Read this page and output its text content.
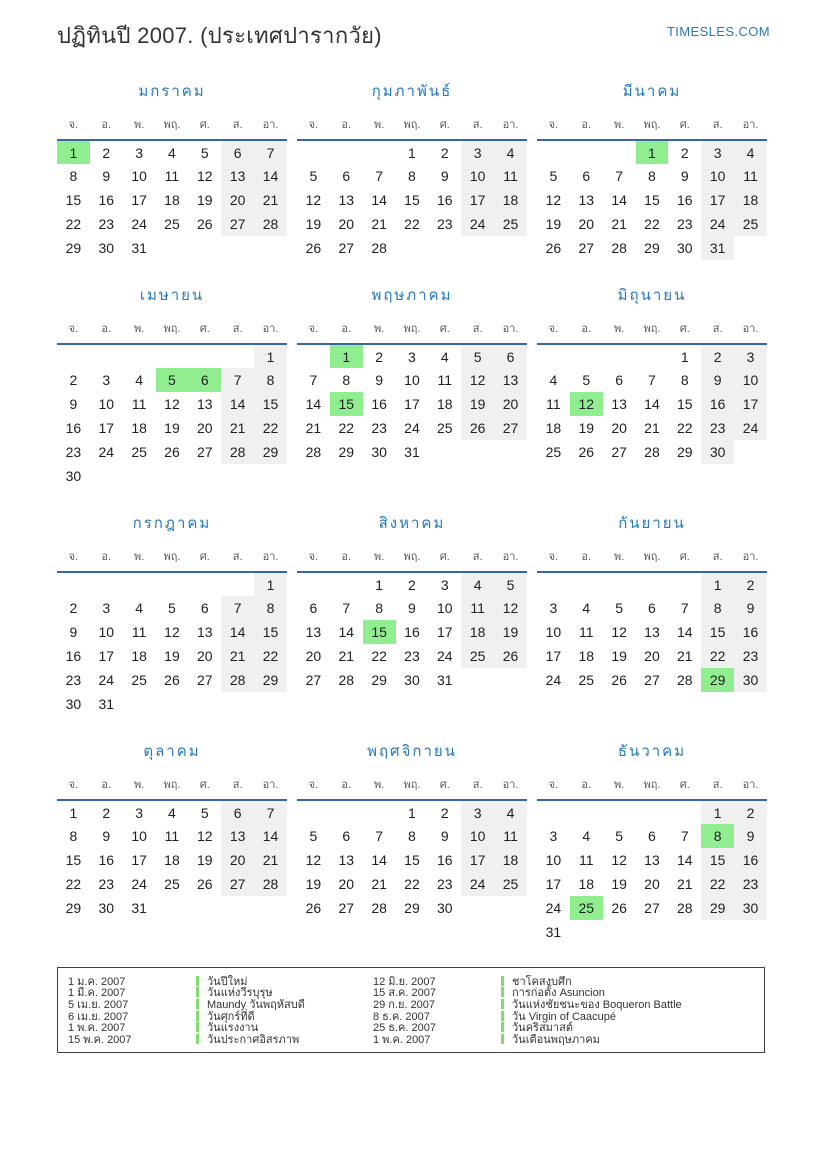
ปฏิทินปี 2007. (ประเทศปารากวัย)	TIMESLES.COM
มกราคม
จ.	อ.	พ.	พฤ.	ศ.	ส.	อา.
1	2	3	4	5	6	7
8	9	10	11	12	13	14
15	16	17	18	19	20	21
22	23	24	25	26	27	28
29	30	31				
กุมภาพันธ์
จ.	อ.	พ.	พฤ.	ศ.	ส.	อา.
			1	2	3	4
5	6	7	8	9	10	11
12	13	14	15	16	17	18
19	20	21	22	23	24	25
26	27	28				
มีนาคม
จ.	อ.	พ.	พฤ.	ศ.	ส.	อา.
			1	2	3	4
5	6	7	8	9	10	11
12	13	14	15	16	17	18
19	20	21	22	23	24	25
26	27	28	29	30	31	
เมษายน
จ.	อ.	พ.	พฤ.	ศ.	ส.	อา.
						1
2	3	4	5	6	7	8
9	10	11	12	13	14	15
16	17	18	19	20	21	22
23	24	25	26	27	28	29
30						
พฤษภาคม
จ.	อ.	พ.	พฤ.	ศ.	ส.	อา.
	1	2	3	4	5	6
7	8	9	10	11	12	13
14	15	16	17	18	19	20
21	22	23	24	25	26	27
28	29	30	31			
มิถุนายน
จ.	อ.	พ.	พฤ.	ศ.	ส.	อา.
				1	2	3
4	5	6	7	8	9	10
11	12	13	14	15	16	17
18	19	20	21	22	23	24
25	26	27	28	29	30	
กรกฎาคม
จ.	อ.	พ.	พฤ.	ศ.	ส.	อา.
						1
2	3	4	5	6	7	8
9	10	11	12	13	14	15
16	17	18	19	20	21	22
23	24	25	26	27	28	29
30	31					
สิงหาคม
จ.	อ.	พ.	พฤ.	ศ.	ส.	อา.
		1	2	3	4	5
6	7	8	9	10	11	12
13	14	15	16	17	18	19
20	21	22	23	24	25	26
27	28	29	30	31		
กันยายน
จ.	อ.	พ.	พฤ.	ศ.	ส.	อา.
					1	2
3	4	5	6	7	8	9
10	11	12	13	14	15	16
17	18	19	20	21	22	23
24	25	26	27	28	29	30
ตุลาคม
จ.	อ.	พ.	พฤ.	ศ.	ส.	อา.
1	2	3	4	5	6	7
8	9	10	11	12	13	14
15	16	17	18	19	20	21
22	23	24	25	26	27	28
29	30	31				
พฤศจิกายน
จ.	อ.	พ.	พฤ.	ศ.	ส.	อา.
			1	2	3	4
5	6	7	8	9	10	11
12	13	14	15	16	17	18
19	20	21	22	23	24	25
26	27	28	29	30		
ธันวาคม
จ.	อ.	พ.	พฤ.	ศ.	ส.	อา.
					1	2
3	4	5	6	7	8	9
10	11	12	13	14	15	16
17	18	19	20	21	22	23
24	25	26	27	28	29	30
31						
1 ม.ค. 2007	วันปีใหม่
1 มี.ค. 2007	วันแห่งวีรบุรุษ
5 เม.ย. 2007	Maundy วันพฤหัสบดี
6 เม.ย. 2007	วันศุกร์ที่ดี
1 พ.ค. 2007	วันแรงงาน
15 พ.ค. 2007	วันประกาศอิสรภาพ
12 มิ.ย. 2007	ชาโคสงบศึก
15 ส.ค. 2007	การก่อตั้ง Asuncion
29 ก.ย. 2007	วันแห่งชัยชนะของ Boqueron Battle
8 ธ.ค. 2007	วัน Virgin of Caacupé
25 ธ.ค. 2007	วันคริสมาสต์
1 พ.ค. 2007	วันเตือนพฤษภาคม
